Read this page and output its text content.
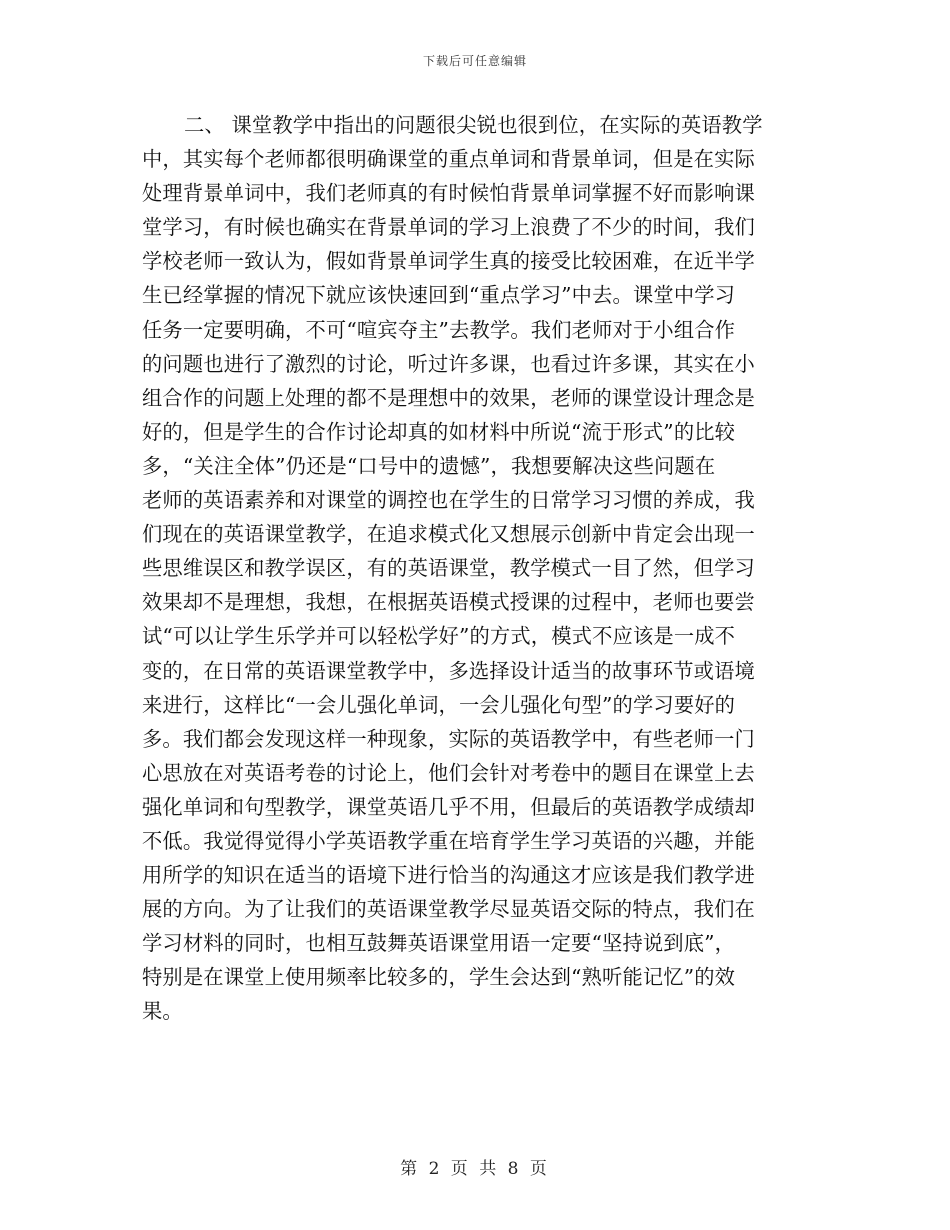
下载后可任意编辑
二、 课堂教学中指出的问题很尖锐也很到位，在实际的英语教学
中，其实每个老师都很明确课堂的重点单词和背景单词，但是在实际
处理背景单词中，我们老师真的有时候怕背景单词掌握不好而影响课
堂学习，有时候也确实在背景单词的学习上浪费了不少的时间，我们
学校老师一致认为，假如背景单词学生真的接受比较困难，在近半学
生已经掌握的情况下就应该快速回到“重点学习”中去。课堂中学习
任务一定要明确，不可“喧宾夺主”去教学。我们老师对于小组合作
的问题也进行了激烈的讨论，听过许多课，也看过许多课，其实在小
组合作的问题上处理的都不是理想中的效果，老师的课堂设计理念是
好的，但是学生的合作讨论却真的如材料中所说“流于形式”的比较
多，“关注全体”仍还是“口号中的遗憾”，我想要解决这些问题在
老师的英语素养和对课堂的调控也在学生的日常学习习惯的养成，我
们现在的英语课堂教学，在追求模式化又想展示创新中肯定会出现一
些思维误区和教学误区，有的英语课堂，教学模式一目了然，但学习
效果却不是理想，我想，在根据英语模式授课的过程中，老师也要尝
试“可以让学生乐学并可以轻松学好”的方式，模式不应该是一成不
变的，在日常的英语课堂教学中，多选择设计适当的故事环节或语境
来进行，这样比“一会儿强化单词，一会儿强化句型”的学习要好的
多。我们都会发现这样一种现象，实际的英语教学中，有些老师一门
心思放在对英语考卷的讨论上，他们会针对考卷中的题目在课堂上去
强化单词和句型教学，课堂英语几乎不用，但最后的英语教学成绩却
不低。我觉得觉得小学英语教学重在培育学生学习英语的兴趣，并能
用所学的知识在适当的语境下进行恰当的沟通这才应该是我们教学进
展的方向。为了让我们的英语课堂教学尽显英语交际的特点，我们在
学习材料的同时，也相互鼓舞英语课堂用语一定要“坚持说到底”，
特别是在课堂上使用频率比较多的，学生会达到“熟听能记忆”的效
果。
第 2 页 共 8 页
